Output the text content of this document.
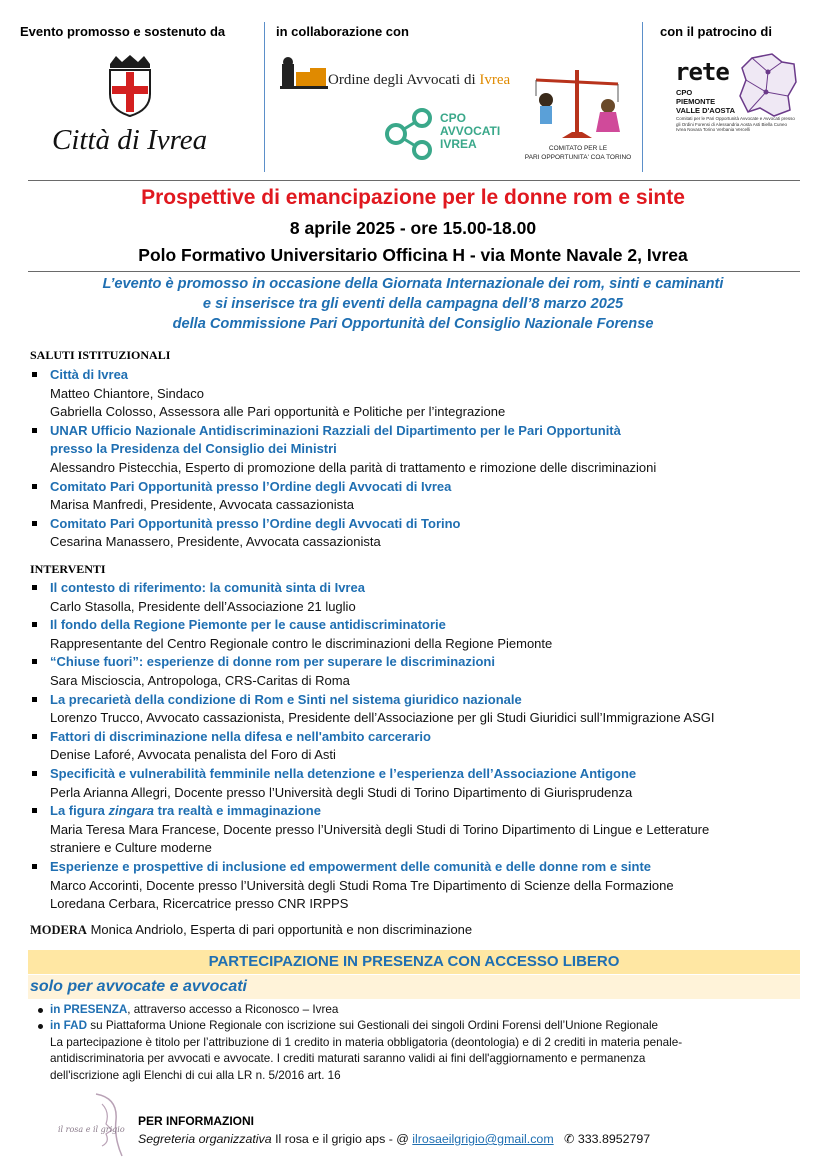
Evento promosso e sostenuto da	in collaborazione con	con il patrocino di
Città di Ivrea
Ordine degli Avvocati di Ivrea
CPO
AVVOCATI
IVREA	COMITATO PER LE
PARI OPPORTUNITA' COA TORINO
rete
CPO
PIEMONTE
VALLE D'AOSTA
Comitati per le Pari Opportunità Avvocate e Avvocati presso gli Ordini Forensi di Alessandria Aosta Asti Biella Cuneo Ivrea Novara Torino Verbania Vercelli
Prospettive di emancipazione per le donne rom e sinte
8 aprile 2025 - ore 15.00-18.00
Polo Formativo Universitario Officina H - via Monte Navale 2, Ivrea
L’evento è promosso in occasione della Giornata Internazionale dei rom, sinti e caminanti
e si inserisce tra gli eventi della campagna dell’8 marzo 2025
della Commissione Pari Opportunità del Consiglio Nazionale Forense
SALUTI ISTITUZIONALI
Città di Ivrea
Matteo Chiantore, Sindaco
Gabriella Colosso, Assessora alle Pari opportunità e Politiche per l’integrazione
UNAR Ufficio Nazionale Antidiscriminazioni Razziali del Dipartimento per le Pari Opportunità
presso la Presidenza del Consiglio dei Ministri
Alessandro Pistecchia, Esperto di promozione della parità di trattamento e rimozione delle discriminazioni
Comitato Pari Opportunità presso l’Ordine degli Avvocati di Ivrea
Marisa Manfredi, Presidente, Avvocata cassazionista
Comitato Pari Opportunità presso l’Ordine degli Avvocati di Torino
Cesarina Manassero, Presidente, Avvocata cassazionista
INTERVENTI
Il contesto di riferimento: la comunità sinta di Ivrea
Carlo Stasolla, Presidente dell’Associazione 21 luglio
Il fondo della Regione Piemonte per le cause antidiscriminatorie
Rappresentante del Centro Regionale contro le discriminazioni della Regione Piemonte
“Chiuse fuori”: esperienze di donne rom per superare le discriminazioni
Sara Miscioscia, Antropologa, CRS-Caritas di Roma
La precarietà della condizione di Rom e Sinti nel sistema giuridico nazionale
Lorenzo Trucco, Avvocato cassazionista, Presidente dell’Associazione per gli Studi Giuridici sull’Immigrazione ASGI
Fattori di discriminazione nella difesa e nell'ambito carcerario
Denise Laforé, Avvocata penalista del Foro di Asti
Specificità e vulnerabilità femminile nella detenzione e l’esperienza dell’Associazione Antigone
Perla Arianna Allegri, Docente presso l’Università degli Studi di Torino Dipartimento di Giurisprudenza
La figura zingara tra realtà e immaginazione
Maria Teresa Mara Francese, Docente presso l’Università degli Studi di Torino Dipartimento di Lingue e Letterature
straniere e Culture moderne
Esperienze e prospettive di inclusione ed empowerment delle comunità e delle donne rom e sinte
Marco Accorinti, Docente presso l’Università degli Studi Roma Tre Dipartimento di Scienze della Formazione
Loredana Cerbara, Ricercatrice presso CNR IRPPS
MODERA Monica Andriolo, Esperta di pari opportunità e non discriminazione
PARTECIPAZIONE IN PRESENZA CON ACCESSO LIBERO
solo per avvocate e avvocati
in PRESENZA, attraverso accesso a Riconosco – Ivrea
in FAD su Piattaforma Unione Regionale con iscrizione sui Gestionali dei singoli Ordini Forensi dell’Unione Regionale
La partecipazione è titolo per l’attribuzione di 1 credito in materia obbligatoria (deontologia) e di 2 crediti in materia penale-
antidiscriminatoria per avvocati e avvocate. I crediti maturati saranno validi ai fini dell'aggiornamento e permanenza
dell'iscrizione agli Elenchi di cui alla LR n. 5/2016 art. 16
il rosa e il grigio
PER INFORMAZIONI
Segreteria organizzativa Il rosa e il grigio aps - @ ilrosaeilgrigio@gmail.com   ✆ 333.8952797
